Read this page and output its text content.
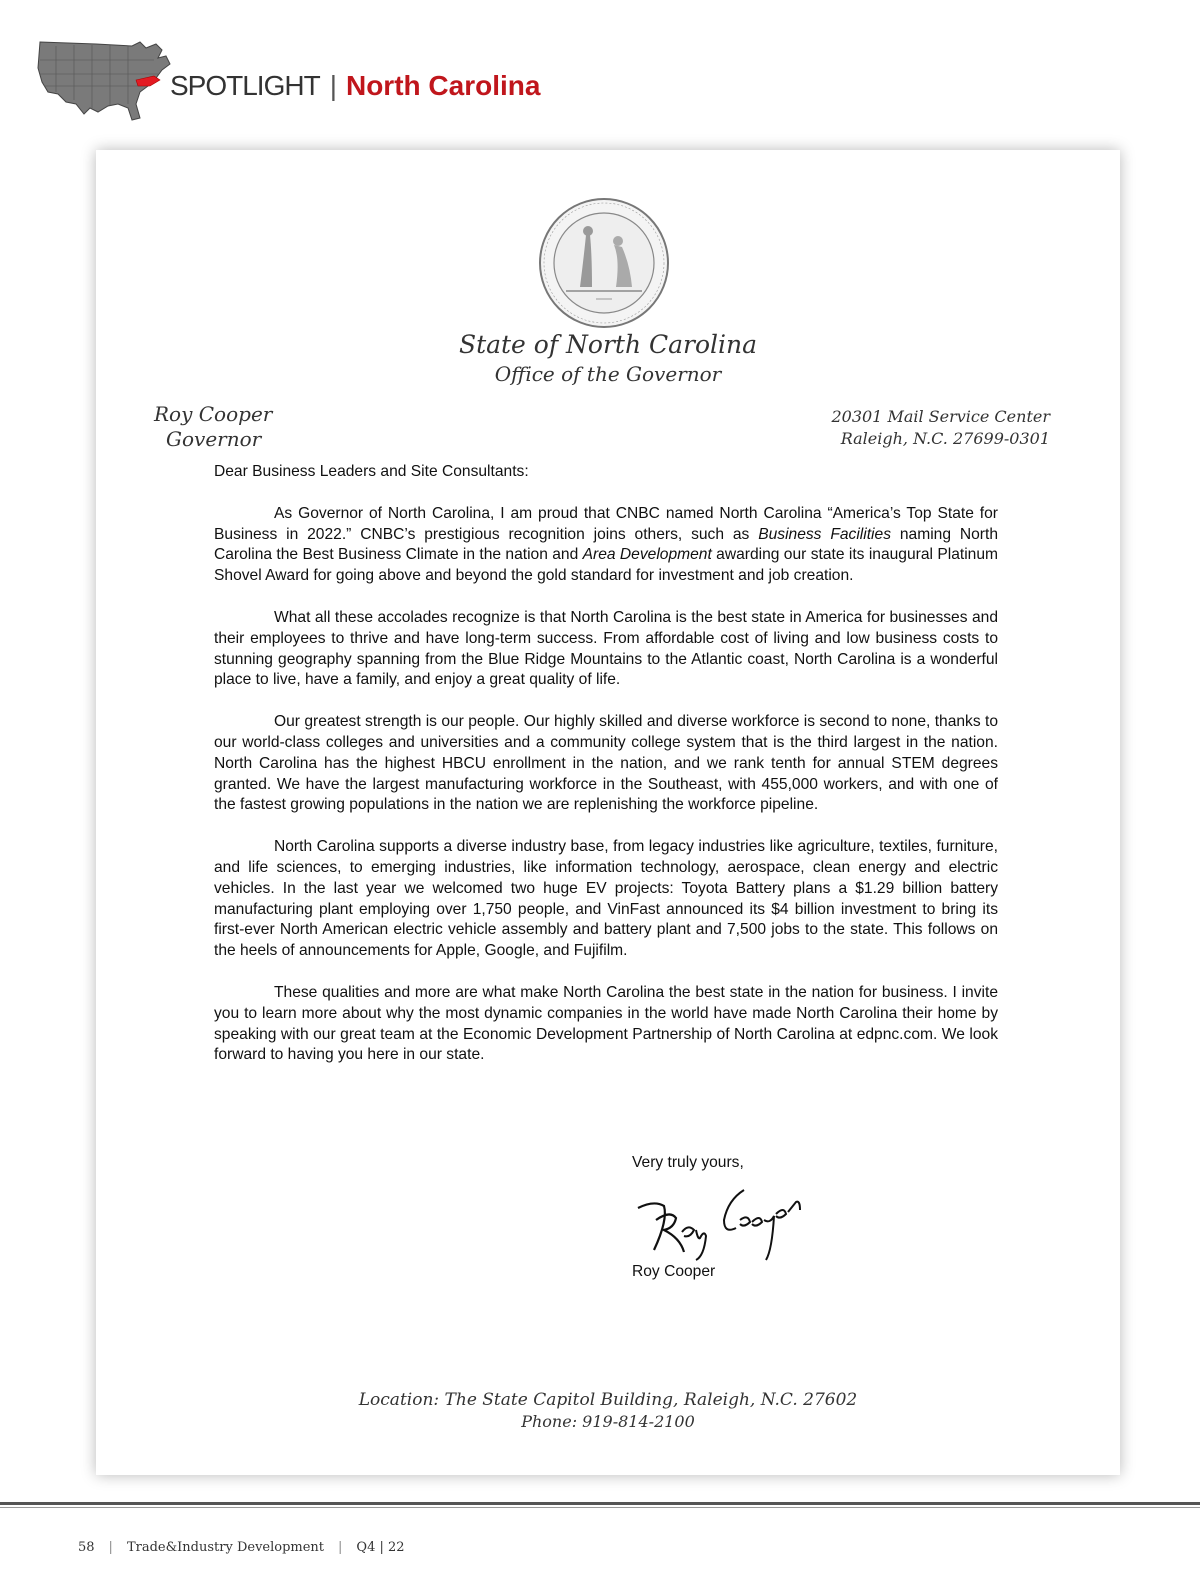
SPOTLIGHT | North Carolina
State of North Carolina
Office of the Governor
Roy Cooper
Governor
20301 Mail Service Center
Raleigh, N.C. 27699-0301
Dear Business Leaders and Site Consultants:

As Governor of North Carolina, I am proud that CNBC named North Carolina “America’s Top State for Business in 2022.” CNBC’s prestigious recognition joins others, such as Business Facilities naming North Carolina the Best Business Climate in the nation and Area Development awarding our state its inaugural Platinum Shovel Award for going above and beyond the gold standard for investment and job creation.

What all these accolades recognize is that North Carolina is the best state in America for businesses and their employees to thrive and have long-term success. From affordable cost of living and low business costs to stunning geography spanning from the Blue Ridge Mountains to the Atlantic coast, North Carolina is a wonderful place to live, have a family, and enjoy a great quality of life.

Our greatest strength is our people. Our highly skilled and diverse workforce is second to none, thanks to our world-class colleges and universities and a community college system that is the third largest in the nation. North Carolina has the highest HBCU enrollment in the nation, and we rank tenth for annual STEM degrees granted. We have the largest manufacturing workforce in the Southeast, with 455,000 workers, and with one of the fastest growing populations in the nation we are replenishing the workforce pipeline.

North Carolina supports a diverse industry base, from legacy industries like agriculture, textiles, furniture, and life sciences, to emerging industries, like information technology, aerospace, clean energy and electric vehicles. In the last year we welcomed two huge EV projects: Toyota Battery plans a $1.29 billion battery manufacturing plant employing over 1,750 people, and VinFast announced its $4 billion investment to bring its first-ever North American electric vehicle assembly and battery plant and 7,500 jobs to the state. This follows on the heels of announcements for Apple, Google, and Fujifilm.

These qualities and more are what make North Carolina the best state in the nation for business. I invite you to learn more about why the most dynamic companies in the world have made North Carolina their home by speaking with our great team at the Economic Development Partnership of North Carolina at edpnc.com. We look forward to having you here in our state.

Very truly yours,
Roy Cooper
Location: The State Capitol Building, Raleigh, N.C. 27602
Phone: 919-814-2100
58 | Trade&Industry Development | Q4 | 22
